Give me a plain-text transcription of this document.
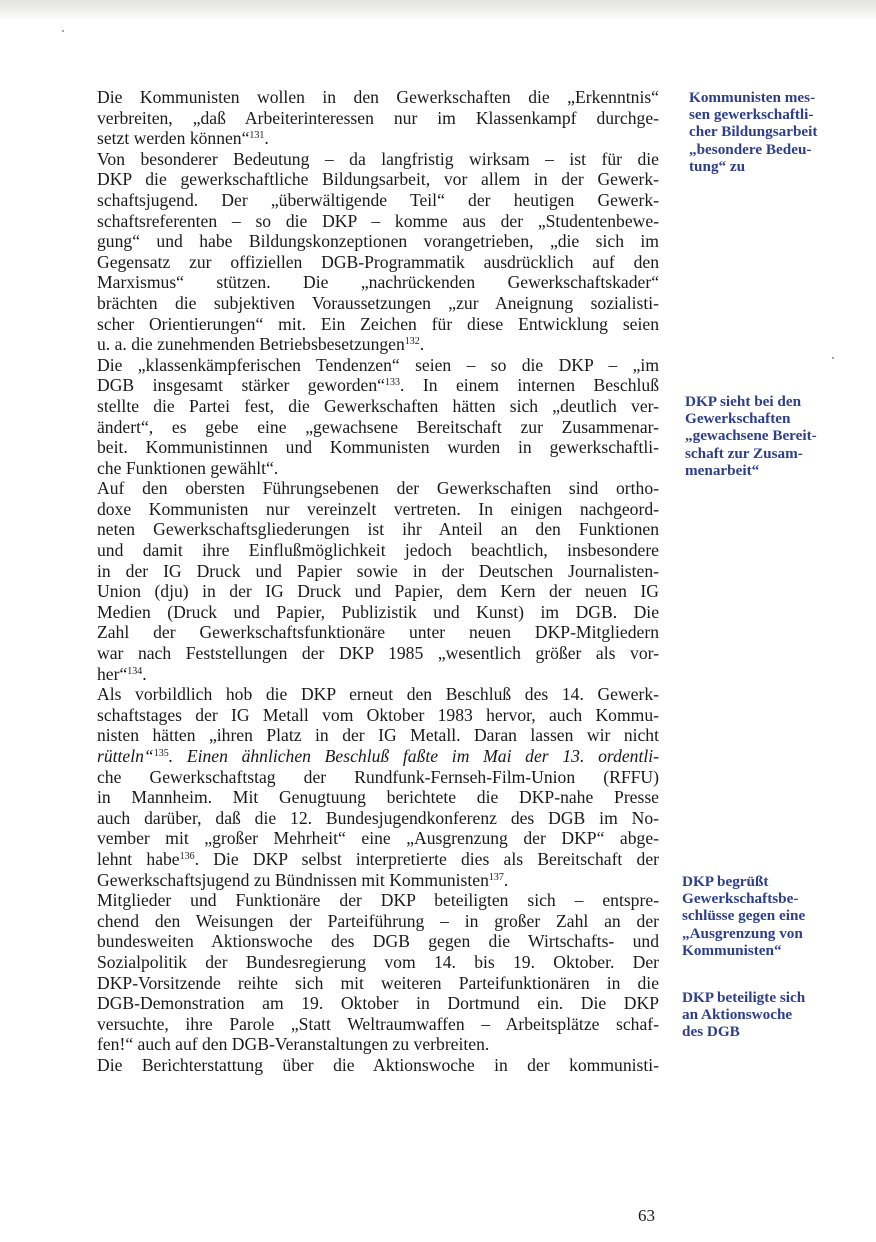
Die Kommunisten wollen in den Gewerkschaften die „Erkenntnis“
verbreiten, „daß Arbeiterinteressen nur im Klassenkampf durchge-
setzt werden können“$^{131}$.

Von besonderer Bedeutung – da langfristig wirksam – ist für die
DKP die gewerkschaftliche Bildungsarbeit, vor allem in der Gewerk-
schaftsjugend. Der „überwältigende Teil“ der heutigen Gewerk-
schaftsreferenten – so die DKP – komme aus der „Studentenbewe-
gung“ und habe Bildungskonzeptionen vorangetrieben, „die sich im
Gegensatz zur offiziellen DGB-Programmatik ausdrücklich auf den
Marxismus“ stützen. Die „nachrückenden Gewerkschaftskader“
brächten die subjektiven Voraussetzungen „zur Aneignung sozialisti-
scher Orientierungen“ mit. Ein Zeichen für diese Entwicklung seien
u. a. die zunehmenden Betriebsbesetzungen$^{132}$.

Die „klassenkämpferischen Tendenzen“ seien – so die DKP – „im
DGB insgesamt stärker geworden“$^{133}$. In einem internen Beschluß
stellte die Partei fest, die Gewerkschaften hätten sich „deutlich ver-
ändert“, es gebe eine „gewachsene Bereitschaft zur Zusammenar-
beit. Kommunistinnen und Kommunisten wurden in gewerkschaftli-
che Funktionen gewählt“.

Auf den obersten Führungsebenen der Gewerkschaften sind ortho-
doxe Kommunisten nur vereinzelt vertreten. In einigen nachgeord-
neten Gewerkschaftsgliederungen ist ihr Anteil an den Funktionen
und damit ihre Einflußmöglichkeit jedoch beachtlich, insbesondere
in der IG Druck und Papier sowie in der Deutschen Journalisten-
Union (dju) in der IG Druck und Papier, dem Kern der neuen IG
Medien (Druck und Papier, Publizistik und Kunst) im DGB. Die
Zahl der Gewerkschaftsfunktionäre unter neuen DKP-Mitgliedern
war nach Feststellungen der DKP 1985 „wesentlich größer als vor-
her“$^{134}$.

Als vorbildlich hob die DKP erneut den Beschluß des 14. Gewerk-
schaftstages der IG Metall vom Oktober 1983 hervor, auch Kommu-
nisten hätten „ihren Platz in der IG Metall. Daran lassen wir nicht
rütteln“$^{135}$. Einen ähnlichen Beschluß faßte im Mai der 13. ordentli-
che Gewerkschaftstag der Rundfunk-Fernseh-Film-Union (RFFU)
in Mannheim. Mit Genugtuung berichtete die DKP-nahe Presse
auch darüber, daß die 12. Bundesjugendkonferenz des DGB im No-
vember mit „großer Mehrheit“ eine „Ausgrenzung der DKP“ abge-
lehnt habe$^{136}$. Die DKP selbst interpretierte dies als Bereitschaft der
Gewerkschaftsjugend zu Bündnissen mit Kommunisten$^{137}$.

Mitglieder und Funktionäre der DKP beteiligten sich – entspre-
chend den Weisungen der Parteiführung – in großer Zahl an der
bundesweiten Aktionswoche des DGB gegen die Wirtschafts- und
Sozialpolitik der Bundesregierung vom 14. bis 19. Oktober. Der
DKP-Vorsitzende reihte sich mit weiteren Parteifunktionären in die
DGB-Demonstration am 19. Oktober in Dortmund ein. Die DKP
versuchte, ihre Parole „Statt Weltraumwaffen – Arbeitsplätze schaf-
fen!“ auch auf den DGB-Veranstaltungen zu verbreiten.

Die Berichterstattung über die Aktionswoche in der kommunisti-

Kommunisten mes-
sen gewerkschaftli-
cher Bildungsarbeit
„besondere Bedeu-
tung“ zu
DKP sieht bei den
Gewerkschaften
„gewachsene Bereit-
schaft zur Zusam-
menarbeit“
DKP begrüßt
Gewerkschaftsbe-
schlüsse gegen eine
„Ausgrenzung von
Kommunisten“
DKP beteiligte sich
an Aktionswoche
des DGB
63
